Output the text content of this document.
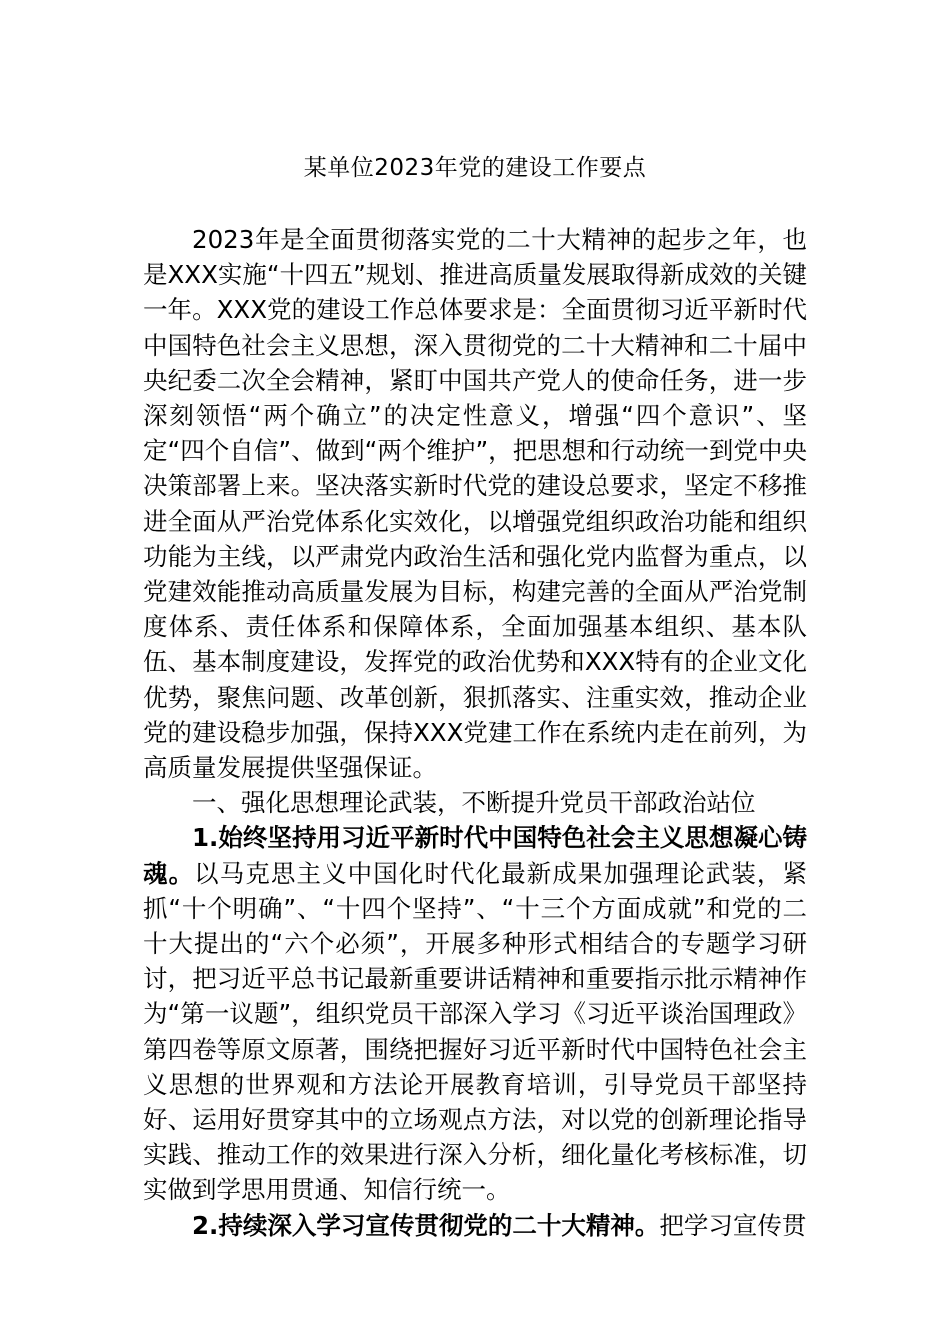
某单位2023年党的建设工作要点

2023年是全面贯彻落实党的二十大精神的起步之年，也是XXX实施“十四五”规划、推进高质量发展取得新成效的关键一年。XXX党的建设工作总体要求是：全面贯彻习近平新时代中国特色社会主义思想，深入贯彻党的二十大精神和二十届中央纪委二次全会精神，紧盯中国共产党人的使命任务，进一步深刻领悟“两个确立”的决定性意义，增强“四个意识”、坚定“四个自信”、做到“两个维护”，把思想和行动统一到党中央决策部署上来。坚决落实新时代党的建设总要求，坚定不移推进全面从严治党体系化实效化，以增强党组织政治功能和组织功能为主线，以严肃党内政治生活和强化党内监督为重点，以党建效能推动高质量发展为目标，构建完善的全面从严治党制度体系、责任体系和保障体系，全面加强基本组织、基本队伍、基本制度建设，发挥党的政治优势和XXX特有的企业文化优势，聚焦问题、改革创新，狠抓落实、注重实效，推动企业党的建设稳步加强，保持XXX党建工作在系统内走在前列，为高质量发展提供坚强保证。

一、强化思想理论武装，不断提升党员干部政治站位

1.始终坚持用习近平新时代中国特色社会主义思想凝心铸魂。以马克思主义中国化时代化最新成果加强理论武装，紧抓“十个明确”、“十四个坚持”、“十三个方面成就”和党的二十大提出的“六个必须”，开展多种形式相结合的专题学习研讨，把习近平总书记最新重要讲话精神和重要指示批示精神作为“第一议题”，组织党员干部深入学习《习近平谈治国理政》第四卷等原文原著，围绕把握好习近平新时代中国特色社会主义思想的世界观和方法论开展教育培训，引导党员干部坚持好、运用好贯穿其中的立场观点方法，对以党的创新理论指导实践、推动工作的效果进行深入分析，细化量化考核标准，切实做到学思用贯通、知信行统一。

2.持续深入学习宣传贯彻党的二十大精神。把学习宣传贯
